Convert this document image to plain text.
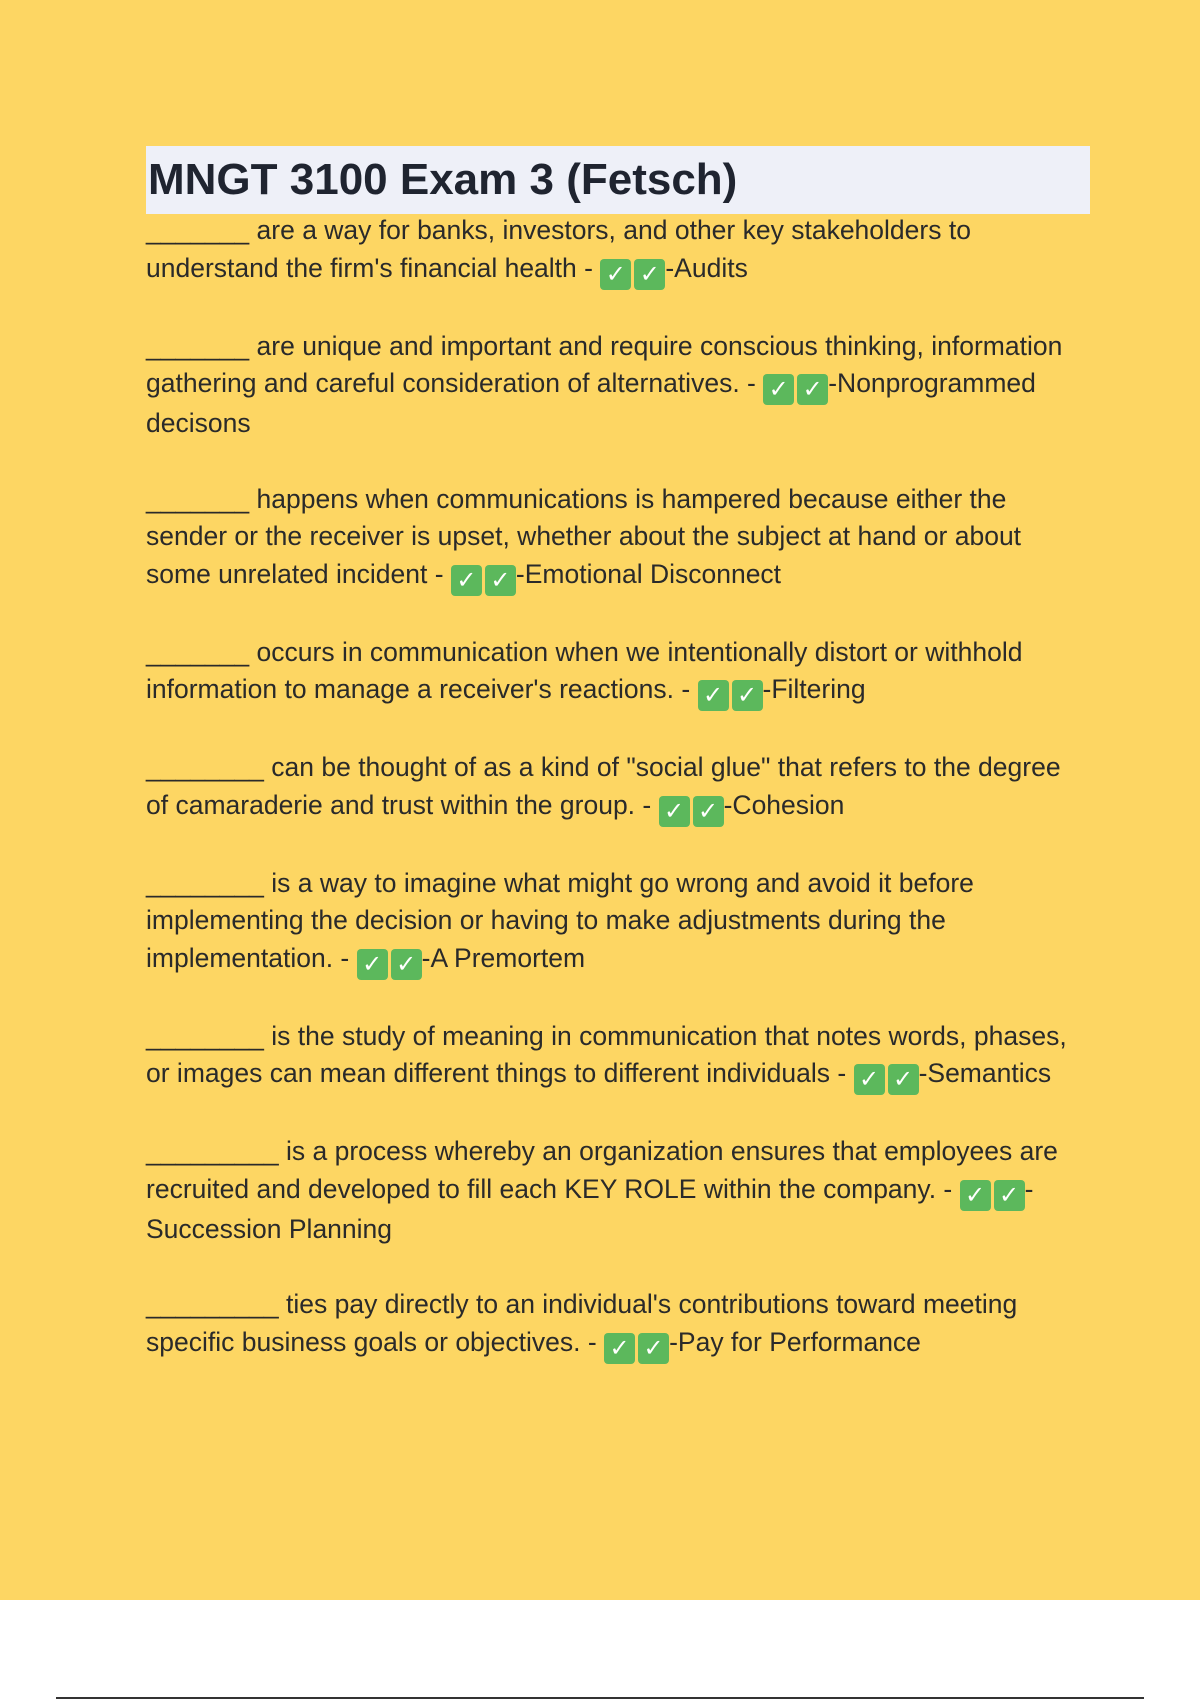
MNGT 3100 Exam 3 (Fetsch)

_______ are a way for banks, investors, and other key stakeholders to understand the firm's financial health - ✓ ✓ -Audits

_______ are unique and important and require conscious thinking, information gathering and careful consideration of alternatives. - ✓ ✓ -Nonprogrammed decisons

_______ happens when communications is hampered because either the sender or the receiver is upset, whether about the subject at hand or about some unrelated incident - ✓ ✓ -Emotional Disconnect

_______ occurs in communication when we intentionally distort or withhold information to manage a receiver's reactions. - ✓ ✓ -Filtering

________ can be thought of as a kind of "social glue" that refers to the degree of camaraderie and trust within the group. - ✓ ✓ -Cohesion

________ is a way to imagine what might go wrong and avoid it before implementing the decision or having to make adjustments during the implementation. - ✓ ✓ -A Premortem

________ is the study of meaning in communication that notes words, phases, or images can mean different things to different individuals - ✓ ✓ -Semantics

_________ is a process whereby an organization ensures that employees are recruited and developed to fill each KEY ROLE within the company. - ✓ ✓ -Succession Planning

_________ ties pay directly to an individual's contributions toward meeting specific business goals or objectives. - ✓ ✓ -Pay for Performance
